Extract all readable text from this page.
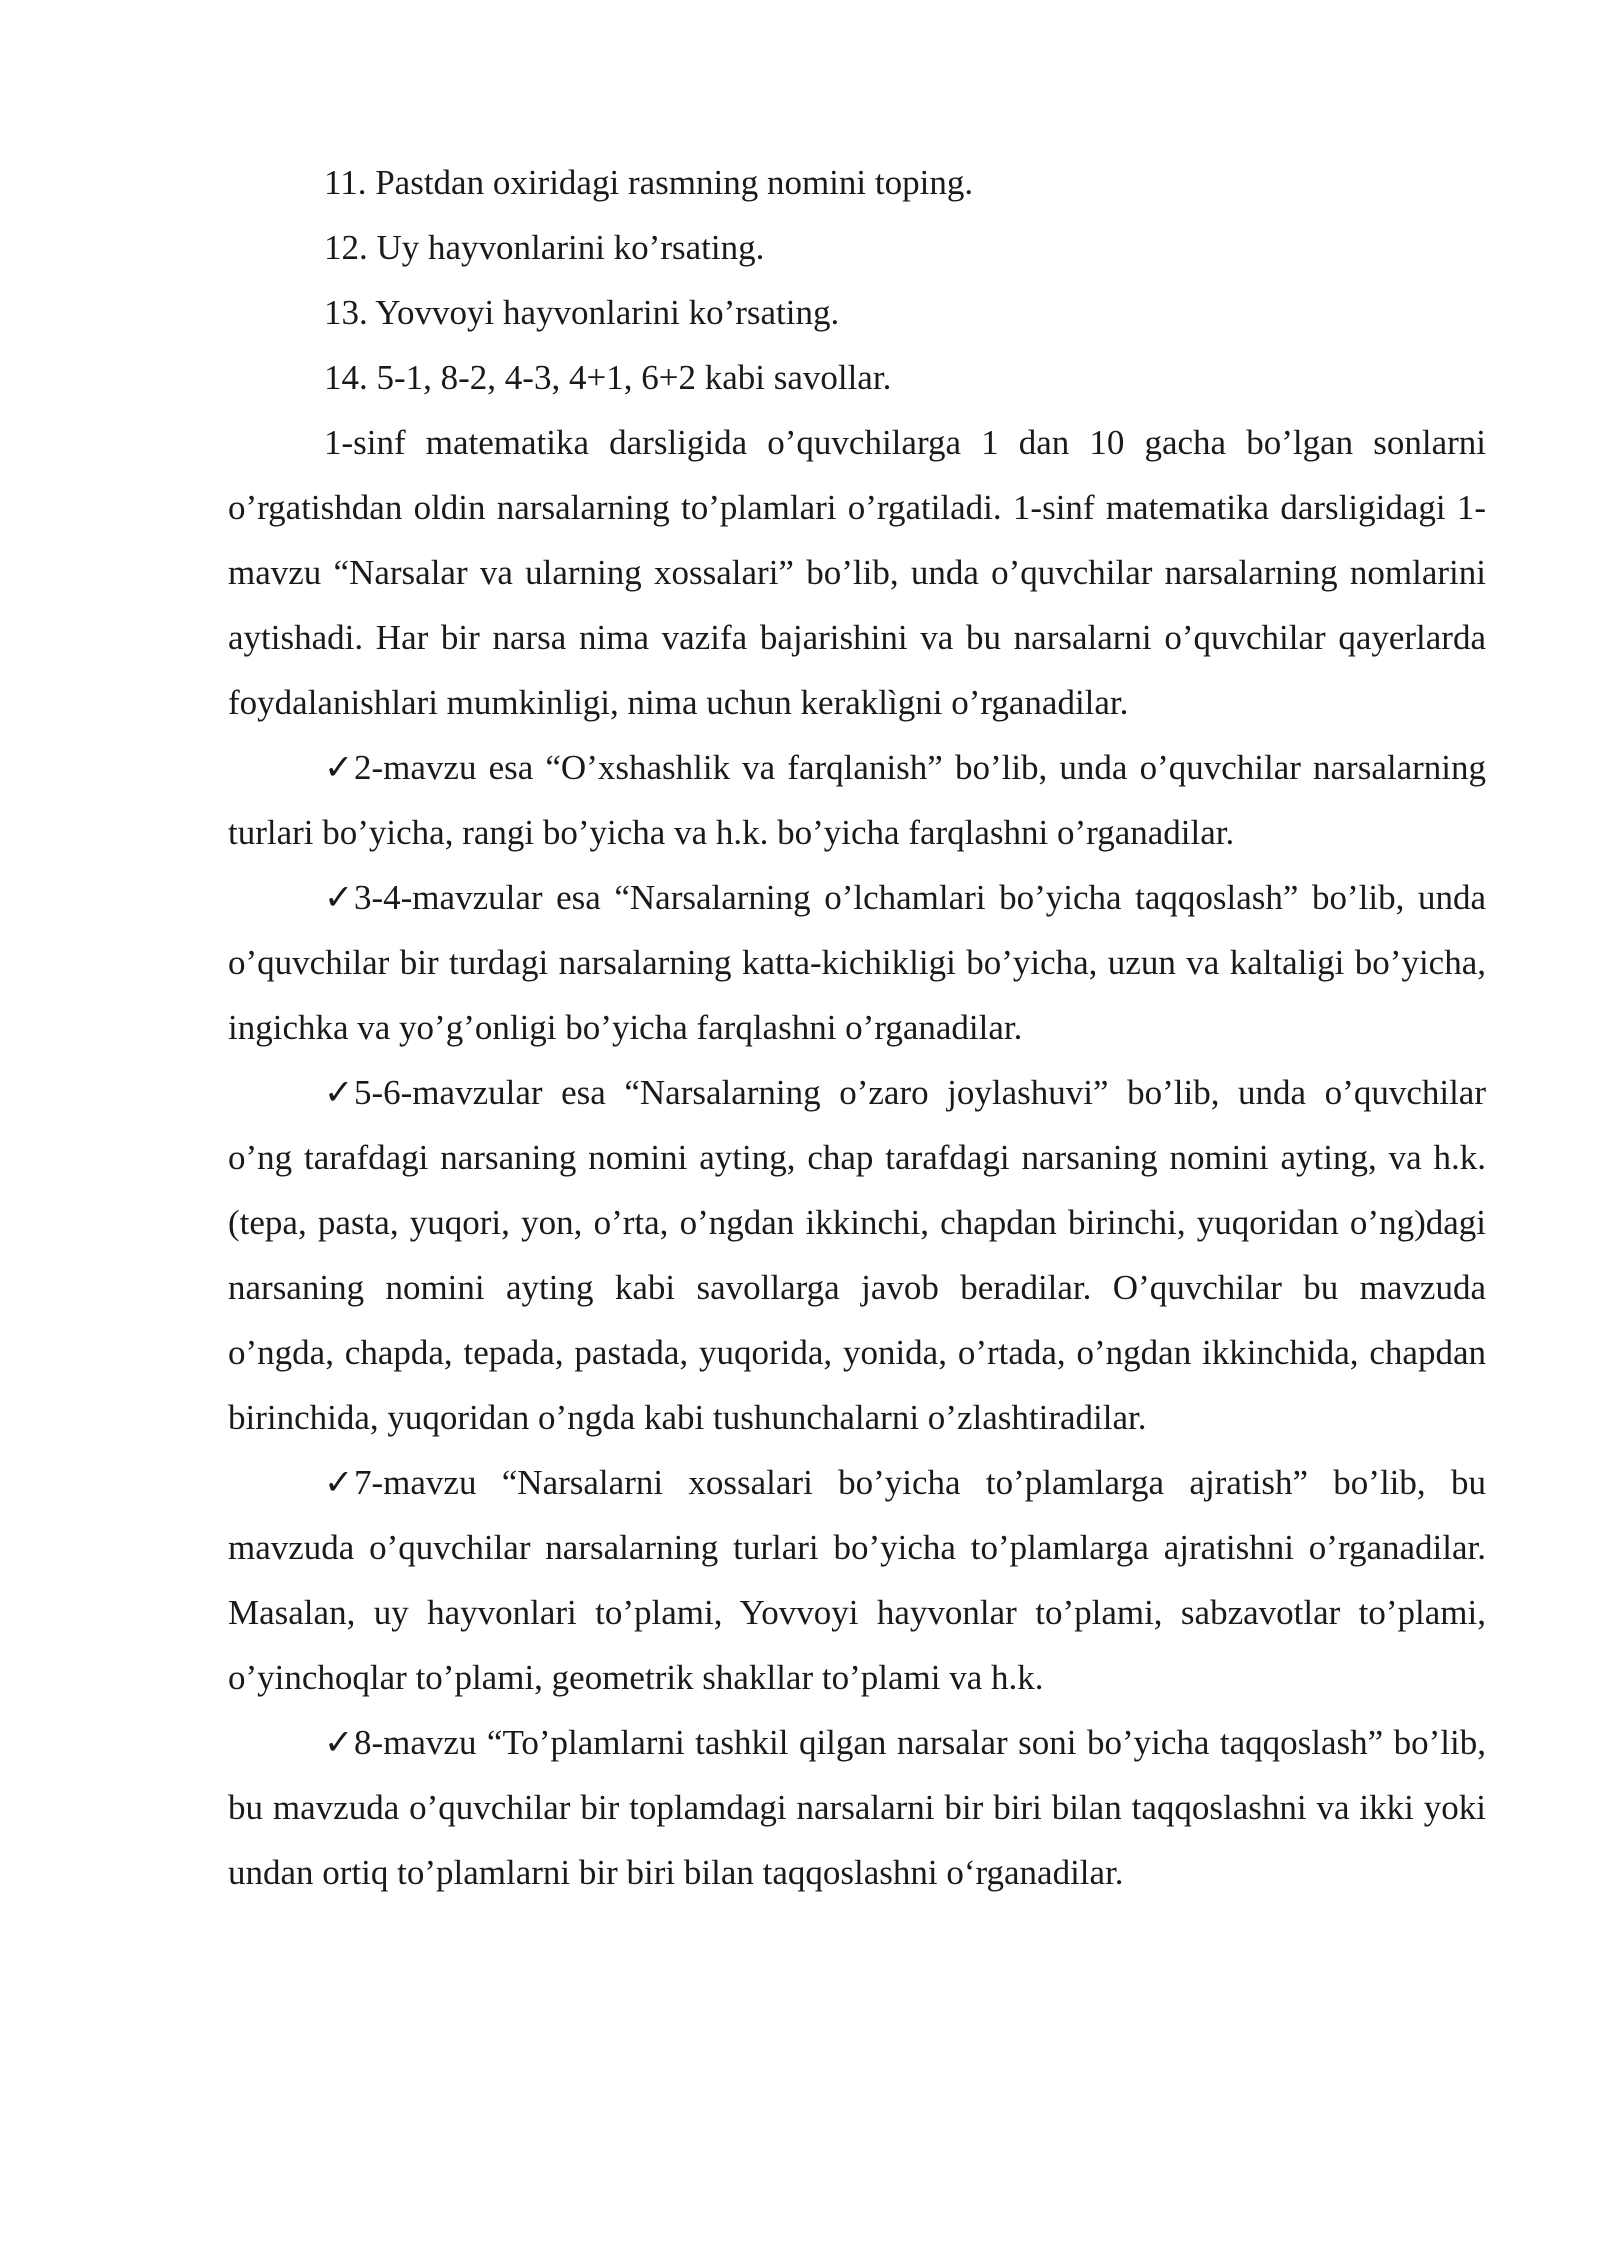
11. Pastdan oxiridagi rasmning nomini toping.

12. Uy hayvonlarini ko’rsating.

13. Yovvoyi hayvonlarini ko’rsating.

14. 5-1, 8-2, 4-3, 4+1, 6+2 kabi savollar.

1-sinf matematika darsligida o’quvchilarga 1 dan 10 gacha bo’lgan sonlarni o’rgatishdan oldin narsalarning to’plamlari o’rgatiladi. 1-sinf matematika darsligidagi 1-mavzu “Narsalar va ularning xossalari” bo’lib, unda o’quvchilar narsalarning nomlarini aytishadi. Har bir narsa nima vazifa bajarishini va bu narsalarni o’quvchilar qayerlarda foydalanishlari mumkinligi, nima uchun keraklìgni o’rganadilar.

✓2-mavzu esa “O’xshashlik va farqlanish” bo’lib, unda o’quvchilar narsalarning turlari bo’yicha, rangi bo’yicha va h.k. bo’yicha farqlashni o’rganadilar.

✓3-4-mavzular esa “Narsalarning o’lchamlari bo’yicha taqqoslash” bo’lib, unda o’quvchilar bir turdagi narsalarning katta-kichikligi bo’yicha, uzun va kaltaligi bo’yicha, ingichka va yo’g’onligi bo’yicha farqlashni o’rganadilar.

✓5-6-mavzular esa “Narsalarning o’zaro joylashuvi” bo’lib, unda o’quvchilar o’ng tarafdagi narsaning nomini ayting, chap tarafdagi narsaning nomini ayting, va h.k. (tepa, pasta, yuqori, yon, o’rta, o’ngdan ikkinchi, chapdan birinchi, yuqoridan o’ng)dagi narsaning nomini ayting kabi savollarga javob beradilar. O’quvchilar bu mavzuda o’ngda, chapda, tepada, pastada, yuqorida, yonida, o’rtada, o’ngdan ikkinchida, chapdan birinchida, yuqoridan o’ngda kabi tushunchalarni o’zlashtiradilar.

✓7-mavzu “Narsalarni xossalari bo’yicha to’plamlarga ajratish” bo’lib, bu mavzuda o’quvchilar narsalarning turlari bo’yicha to’plamlarga ajratishni o’rganadilar. Masalan, uy hayvonlari to’plami, Yovvoyi hayvonlar to’plami, sabzavotlar to’plami, o’yinchoqlar to’plami, geometrik shakllar to’plami va h.k.

✓8-mavzu “To’plamlarni tashkil qilgan narsalar soni bo’yicha taqqoslash” bo’lib, bu mavzuda o’quvchilar bir toplamdagi narsalarni bir biri bilan taqqoslashni va ikki yoki undan ortiq to’plamlarni bir biri bilan taqqoslashni o‘rganadilar.
